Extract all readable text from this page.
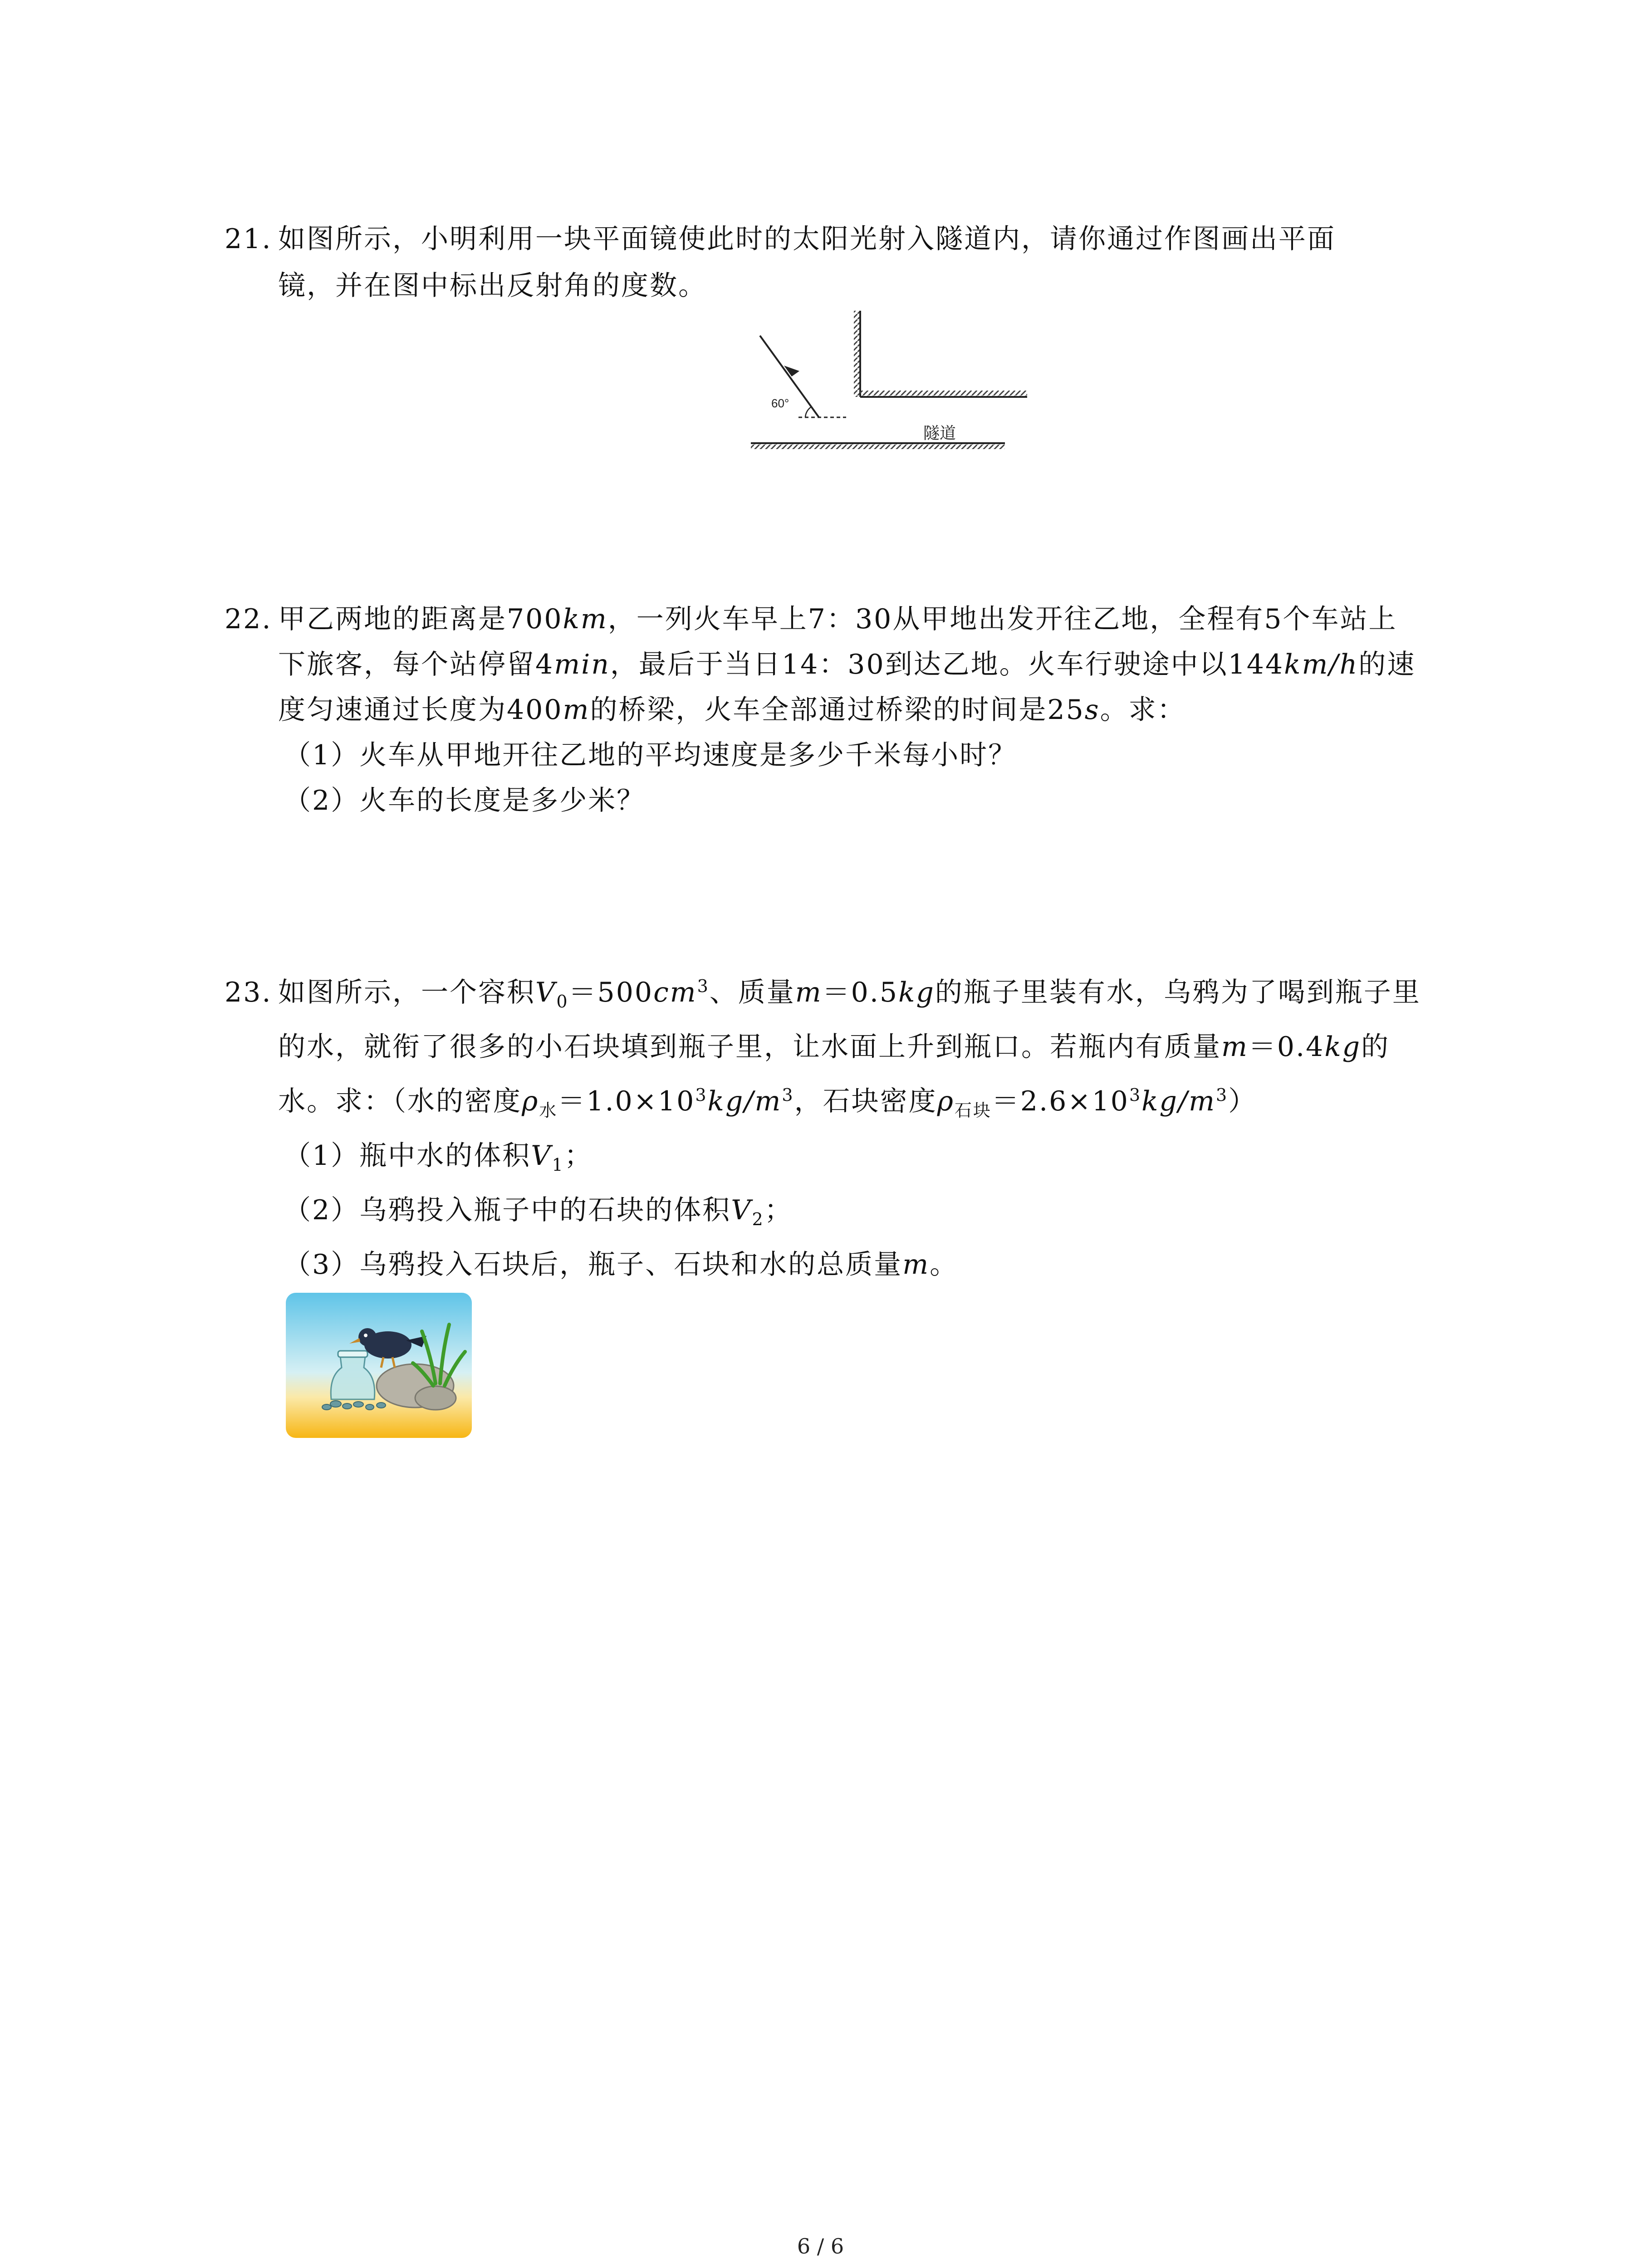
21. 如图所示，小明利用一块平面镜使此时的太阳光射入隧道内，请你通过作图画出平面
镜，并在图中标出反射角的度数。
60°
隧道
22. 甲乙两地的距离是700km，一列火车早上7：30从甲地出发开往乙地，全程有5个车站上
下旅客，每个站停留4min，最后于当日14：30到达乙地。火车行驶途中以144km/h的速
度匀速通过长度为400m的桥梁，火车全部通过桥梁的时间是25s。求：
（1）火车从甲地开往乙地的平均速度是多少千米每小时？
（2）火车的长度是多少米？
23. 如图所示，一个容积$V_0=500cm^3$、质量m＝0.5kg的瓶子里装有水，乌鸦为了喝到瓶子里
的水，就衔了很多的小石块填到瓶子里，让水面上升到瓶口。若瓶内有质量m＝0.4kg的
水。求：（水的密度$\rho_水=1.0\times 10^3kg/m^3$，石块密度$\rho_{石块}=2.6\times 10^3kg/m^3$）
（1）瓶中水的体积$V_1$；
（2）乌鸦投入瓶子中的石块的体积$V_2$；
（3）乌鸦投入石块后，瓶子、石块和水的总质量m。
6 / 6
